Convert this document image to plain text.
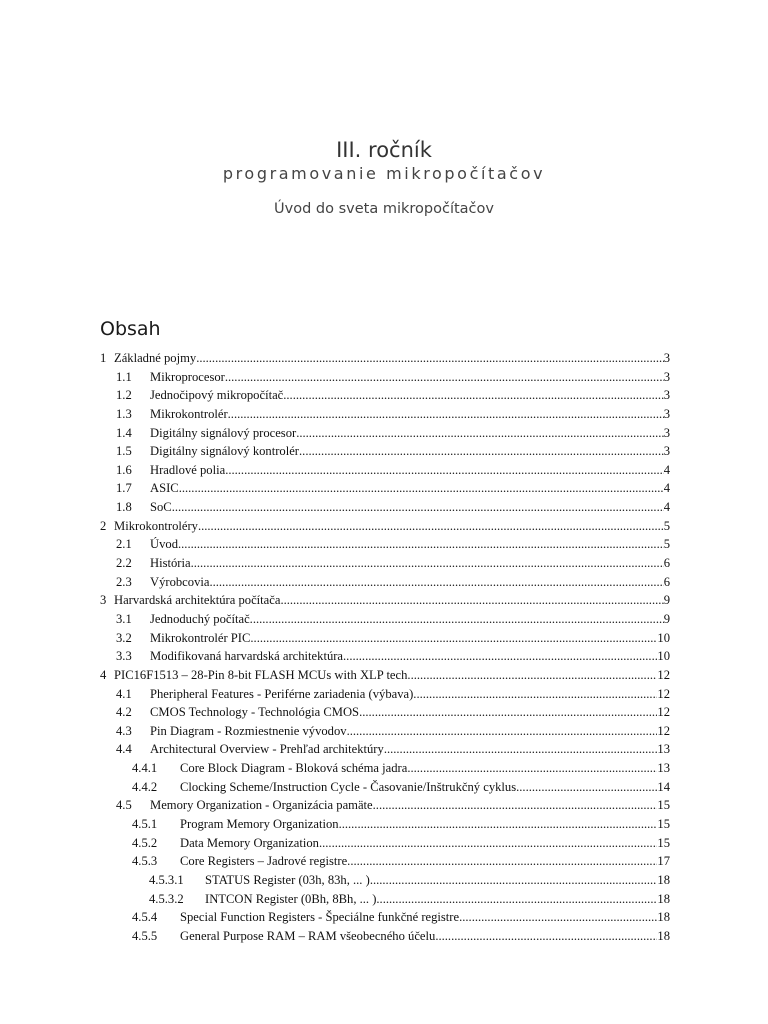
III. ročník
programovanie mikropočítačov
Úvod do sveta mikropočítačov
Obsah
1 Základné pojmy .....	3
1.1	Mikroprocesor .....	3
1.2	Jednočipový mikropočítač .....	3
1.3	Mikrokontrolér .....	3
1.4	Digitálny signálový procesor .....	3
1.5	Digitálny signálový kontrolér .....	3
1.6	Hradlové polia .....	4
1.7	ASIC .....	4
1.8	SoC .....	4
2 Mikrokontroléry .....	5
2.1	Úvod .....	5
2.2	História .....	6
2.3	Výrobcovia .....	6
3 Harvardská architektúra počítača .....	9
3.1	Jednoduchý počítač .....	9
3.2	Mikrokontrolér PIC .....	10
3.3	Modifikovaná harvardská architektúra .....	10
4 PIC16F1513 – 28-Pin 8-bit FLASH MCUs with XLP tech .....	12
4.1	Pheripheral Features - Periférne zariadenia (výbava) .....	12
4.2	CMOS Technology - Technológia CMOS .....	12
4.3	Pin Diagram - Rozmiestnenie vývodov .....	12
4.4	Architectural Overview - Prehľad architektúry .....	13
4.4.1	Core Block Diagram - Bloková schéma jadra .....	13
4.4.2	Clocking Scheme/Instruction Cycle - Časovanie/Inštrukčný cyklus .....	14
4.5	Memory Organization - Organizácia pamäte .....	15
4.5.1	Program Memory Organization .....	15
4.5.2	Data Memory Organization .....	15
4.5.3	Core Registers – Jadrové registre .....	17
4.5.3.1	STATUS Register (03h, 83h, ... ) .....	18
4.5.3.2	INTCON Register (0Bh, 8Bh, ... ) .....	18
4.5.4	Special Function Registers - Špeciálne funkčné registre .....	18
4.5.5	General Purpose RAM – RAM všeobecného účelu .....	18
